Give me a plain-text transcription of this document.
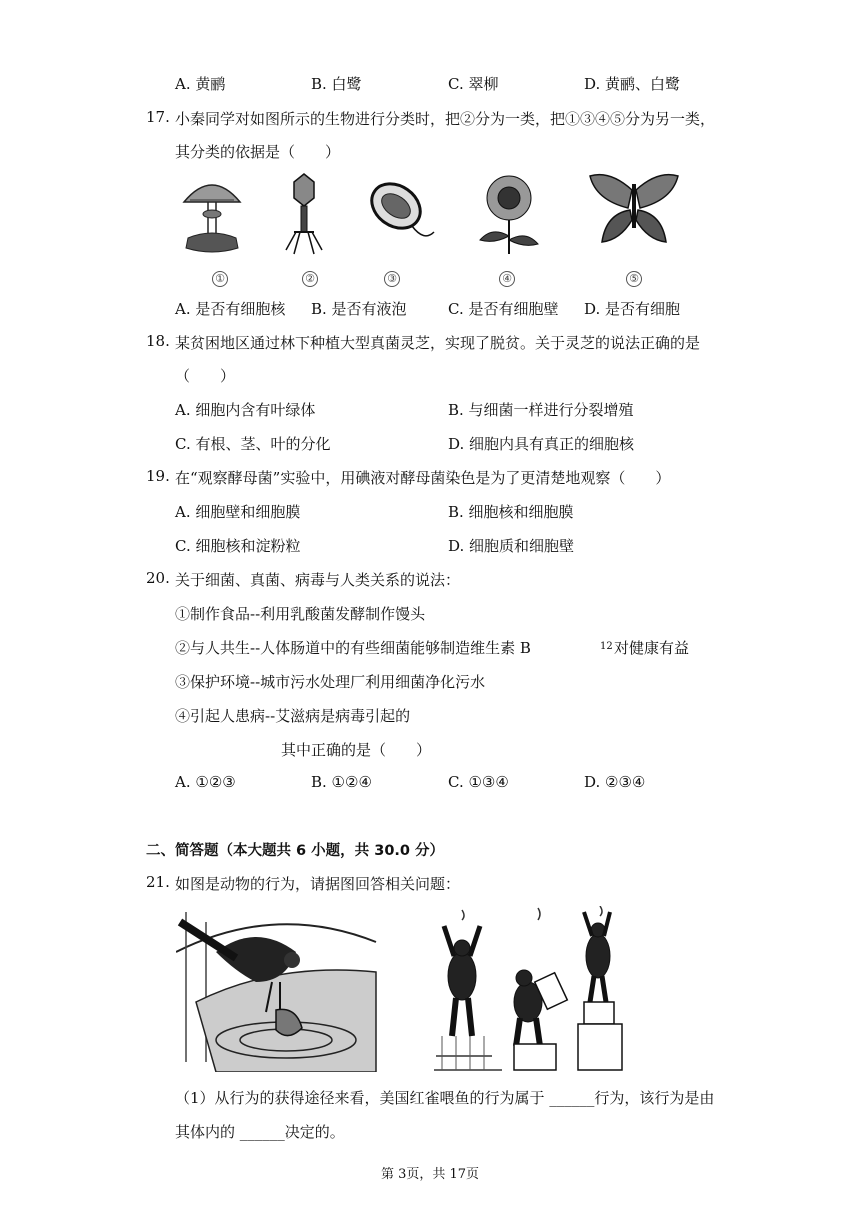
A. 黄鹂	B. 白鹭	C. 翠柳	D. 黄鹂、白鹭
17. 小秦同学对如图所示的生物进行分类时，把②分为一类，把①③④⑤分为另一类，
其分类的依据是（　　）
①	②	③	④	⑤
A. 是否有细胞核 B. 是否有液泡	C. 是否有细胞壁 D. 是否有细胞
18. 某贫困地区通过林下种植大型真菌灵芝，实现了脱贫。关于灵芝的说法正确的是
（　　）
A. 细胞内含有叶绿体	B. 与细菌一样进行分裂增殖
C. 有根、茎、叶的分化	D. 细胞内具有真正的细胞核
19. 在“观察酵母菌”实验中，用碘液对酵母菌染色是为了更清楚地观察（　　）
A. 细胞壁和细胞膜	B. 细胞核和细胞膜
C. 细胞核和淀粉粒	D. 细胞质和细胞壁
20. 关于细菌、真菌、病毒与人类关系的说法：
①制作食品--利用乳酸菌发酵制作馒头
②与人共生--人体肠道中的有些细菌能够制造维生素 B	12 对健康有益
③保护环境--城市污水处理厂利用细菌净化污水
④引起人患病--艾滋病是病毒引起的
其中正确的是（　　）
A. ①②③	B. ①②④	C. ①③④	D. ②③④
二、简答题（本大题共 6 小题，共 30.0 分）
21. 如图是动物的行为，请据图回答相关问题：
（1）从行为的获得途径来看，美国红雀喂鱼的行为属于 ______行为，该行为是由
其体内的 ______决定的。
第 3页，共 17页
